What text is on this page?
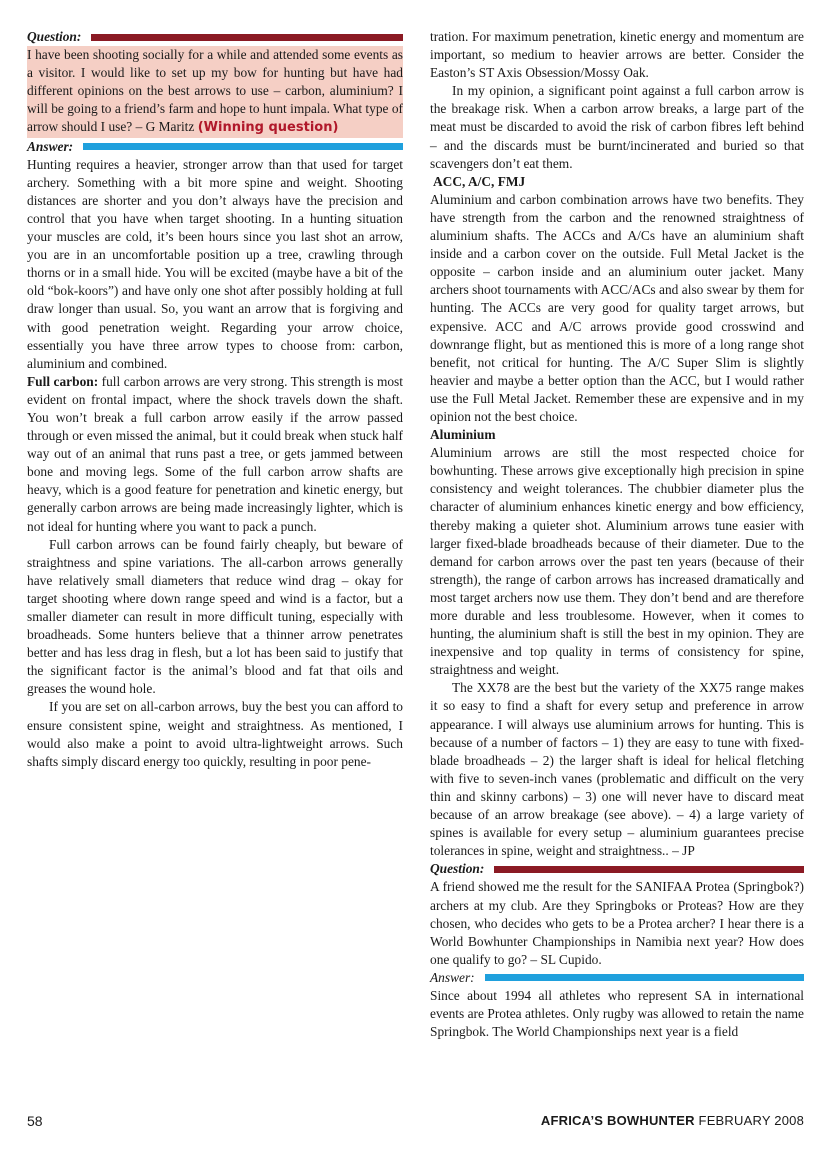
Question:

I have been shooting socially for a while and attended some events as a visitor. I would like to set up my bow for hunting but have had different opinions on the best arrows to use – carbon, aluminium? I will be going to a friend’s farm and hope to hunt impala. What type of arrow should I use? – G Maritz (Winning question)

Answer:

Hunting requires a heavier, stronger arrow than that used for target archery. Something with a bit more spine and weight. Shooting distances are shorter and you don’t always have the precision and control that you have when target shooting. In a hunting situation your muscles are cold, it’s been hours since you last shot an arrow, you are in an uncomfortable position up a tree, crawling through thorns or in a small hide. You will be excited (maybe have a bit of the old “bok-koors”) and have only one shot after possibly holding at full draw longer than usual. So, you want an arrow that is forgiving and with good penetration weight. Regarding your arrow choice, essentially you have three arrow types to choose from: carbon, aluminium and combined.

Full carbon: full carbon arrows are very strong. This strength is most evident on frontal impact, where the shock travels down the shaft. You won’t break a full carbon arrow easily if the arrow passed through or even missed the animal, but it could break when stuck half way out of an animal that runs past a tree, or gets jammed between bone and moving legs. Some of the full carbon arrow shafts are heavy, which is a good feature for penetration and kinetic energy, but generally carbon arrows are being made increasingly lighter, which is not ideal for hunting where you want to pack a punch.

Full carbon arrows can be found fairly cheaply, but beware of straightness and spine variations. The all-carbon arrows generally have relatively small diameters that reduce wind drag – okay for target shooting where down range speed and wind is a factor, but a smaller diameter can result in more difficult tuning, especially with broadheads. Some hunters believe that a thinner arrow penetrates better and has less drag in flesh, but a lot has been said to justify that the significant factor is the animal’s blood and fat that oils and greases the wound hole.

If you are set on all-carbon arrows, buy the best you can afford to ensure consistent spine, weight and straightness. As mentioned, I would also make a point to avoid ultra-lightweight arrows. Such shafts simply discard energy too quickly, resulting in poor pene-

tration. For maximum penetration, kinetic energy and momentum are important, so medium to heavier arrows are better. Consider the Easton’s ST Axis Obsession/Mossy Oak.

In my opinion, a significant point against a full carbon arrow is the breakage risk. When a carbon arrow breaks, a large part of the meat must be discarded to avoid the risk of carbon fibres left behind – and the discards must be burnt/incinerated and buried so that scavengers don’t eat them.

ACC, A/C, FMJ

Aluminium and carbon combination arrows have two benefits. They have strength from the carbon and the renowned straightness of aluminium shafts. The ACCs and A/Cs have an aluminium shaft inside and a carbon cover on the outside. Full Metal Jacket is the opposite – carbon inside and an aluminium outer jacket. Many archers shoot tournaments with ACC/ACs and also swear by them for hunting. The ACCs are very good for quality target arrows, but expensive. ACC and A/C arrows provide good crosswind and downrange flight, but as mentioned this is more of a long range shot benefit, not critical for hunting. The A/C Super Slim is slightly heavier and maybe a better option than the ACC, but I would rather use the Full Metal Jacket. Remember these are expensive and in my opinion not the best choice.

Aluminium

Aluminium arrows are still the most respected choice for bowhunting. These arrows give exceptionally high precision in spine consistency and weight tolerances. The chubbier diameter plus the character of aluminium enhances kinetic energy and bow efficiency, thereby making a quieter shot. Aluminium arrows tune easier with larger fixed-blade broadheads because of their diameter. Due to the demand for carbon arrows over the past ten years (because of their strength), the range of carbon arrows has increased dramatically and most target archers now use them. They don’t bend and are therefore more durable and less troublesome. However, when it comes to hunting, the aluminium shaft is still the best in my opinion. They are inexpensive and top quality in terms of consistency for spine, straightness and weight.

The XX78 are the best but the variety of the XX75 range makes it so easy to find a shaft for every setup and preference in arrow appearance. I will always use aluminium arrows for hunting. This is because of a number of factors – 1) they are easy to tune with fixed-blade broadheads – 2) the larger shaft is ideal for helical fletching with five to seven-inch vanes (problematic and difficult on the very thin and skinny carbons) – 3) one will never have to discard meat because of an arrow breakage (see above). – 4) a large variety of spines is available for every setup – aluminium guarantees precise tolerances in spine, weight and straightness.. – JP

Question:

A friend showed me the result for the SANIFAA Protea (Springbok?) archers at my club. Are they Springboks or Proteas? How are they chosen, who decides who gets to be a Protea archer? I hear there is a World Bowhunter Championships in Namibia next year? How does one qualify to go? – SL Cupido.

Answer:

Since about 1994 all athletes who represent SA in international events are Protea athletes. Only rugby was allowed to retain the name Springbok. The World Championships next year is a field

58	AFRICA’S BOWHUNTER FEBRUARY 2008
